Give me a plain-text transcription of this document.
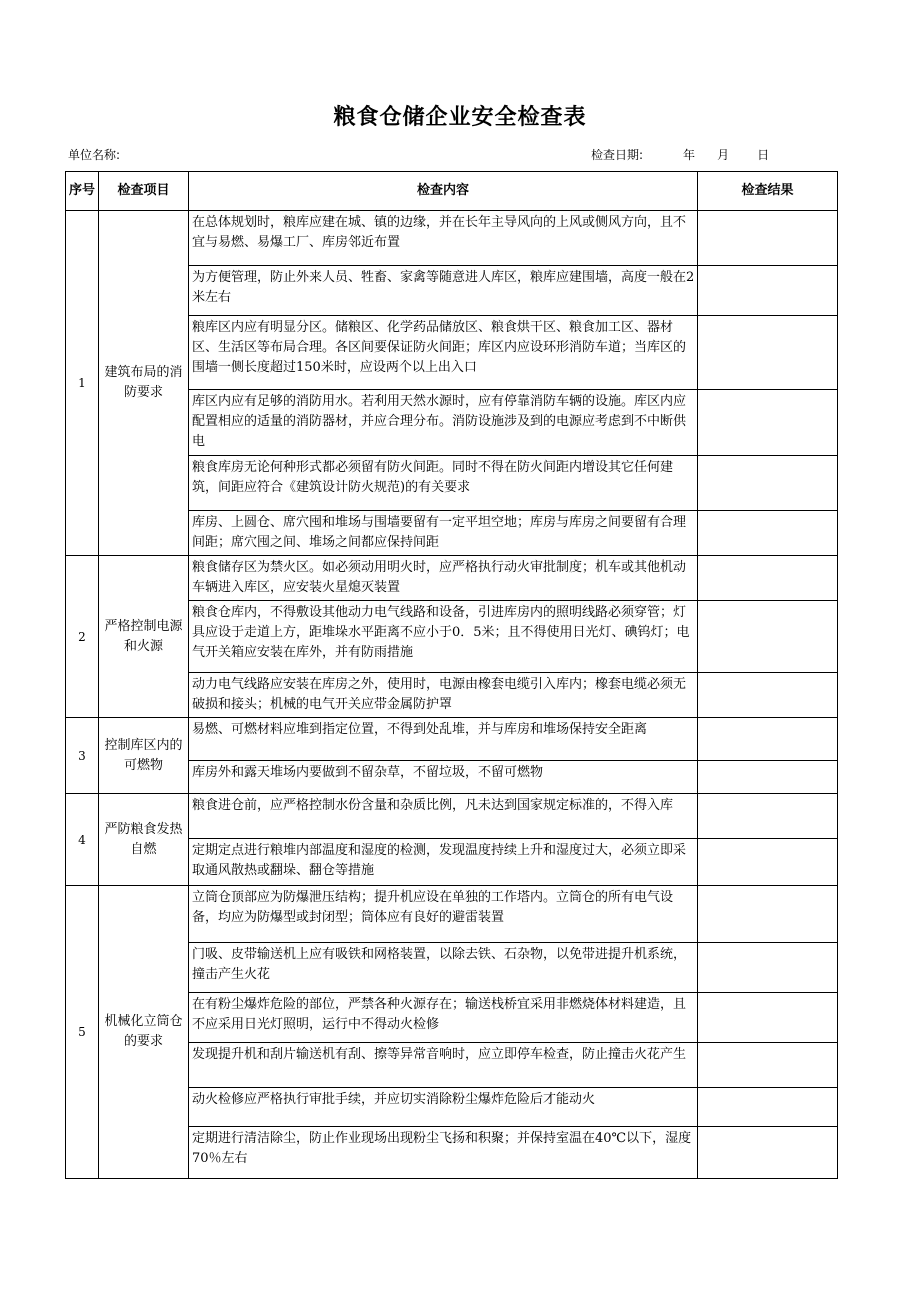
粮食仓储企业安全检查表
单位名称:	检查日期:	年 月 日
序号	检查项目	检查内容	检查结果
1	建筑布局的消防要求	在总体规划时，粮库应建在城、镇的边缘，并在长年主导风向的上风或侧风方向，且不宜与易燃、易爆工厂、库房邻近布置	
		为方便管理，防止外来人员、牲畜、家禽等随意进人库区，粮库应建围墙，高度一般在2米左右	
		粮库区内应有明显分区。储粮区、化学药品储放区、粮食烘干区、粮食加工区、器材区、生活区等布局合理。各区间要保证防火间距；库区内应设环形消防车道；当库区的围墙一侧长度超过150米时，应设两个以上出入口	
		库区内应有足够的消防用水。若利用天然水源时，应有停靠消防车辆的设施。库区内应配置相应的适量的消防器材，并应合理分布。消防设施涉及到的电源应考虑到不中断供电	
		粮食库房无论何种形式都必须留有防火间距。同时不得在防火间距内增设其它任何建筑，间距应符合《建筑设计防火规范)的有关要求	
		库房、上圆仓、席穴囤和堆场与围墙要留有一定平坦空地；库房与库房之间要留有合理间距；席穴囤之间、堆场之间都应保持间距	
2	严格控制电源和火源	粮食储存区为禁火区。如必须动用明火时，应严格执行动火审批制度；机车或其他机动车辆进入库区，应安装火星熄灭装置	
		粮食仓库内，不得敷设其他动力电气线路和设备，引进库房内的照明线路必须穿管；灯具应设于走道上方，距堆垛水平距离不应小于0．5米；且不得使用日光灯、碘钨灯；电气开关箱应安装在库外，并有防雨措施	
		动力电气线路应安装在库房之外，使用时，电源由橡套电缆引入库内；橡套电缆必须无破损和接头；机械的电气开关应带金属防护罩	
3	控制库区内的可燃物	易燃、可燃材料应堆到指定位置，不得到处乱堆，并与库房和堆场保持安全距离	
		库房外和露天堆场内要做到不留杂草，不留垃圾，不留可燃物	
4	严防粮食发热自燃	粮食进仓前，应严格控制水份含量和杂质比例，凡未达到国家规定标准的，不得入库	
		定期定点进行粮堆内部温度和湿度的检测，发现温度持续上升和湿度过大，必须立即采取通风散热或翻垛、翻仓等措施	
5	机械化立筒仓的要求	立筒仓顶部应为防爆泄压结构；提升机应设在单独的工作塔内。立筒仓的所有电气设备，均应为防爆型或封闭型；筒体应有良好的避雷装置	
		门吸、皮带输送机上应有吸铁和网格装置，以除去铁、石杂物，以免带进提升机系统，撞击产生火花	
		在有粉尘爆炸危险的部位，严禁各种火源存在；输送栈桥宜采用非燃烧体材料建造，且不应采用日光灯照明，运行中不得动火检修	
		发现提升机和刮片输送机有刮、擦等异常音响时，应立即停车检查，防止撞击火花产生	
		动火检修应严格执行审批手续，并应切实消除粉尘爆炸危险后才能动火	
		定期进行清洁除尘，防止作业现场出现粉尘飞扬和积聚；并保持室温在40℃以下，湿度70％左右	
